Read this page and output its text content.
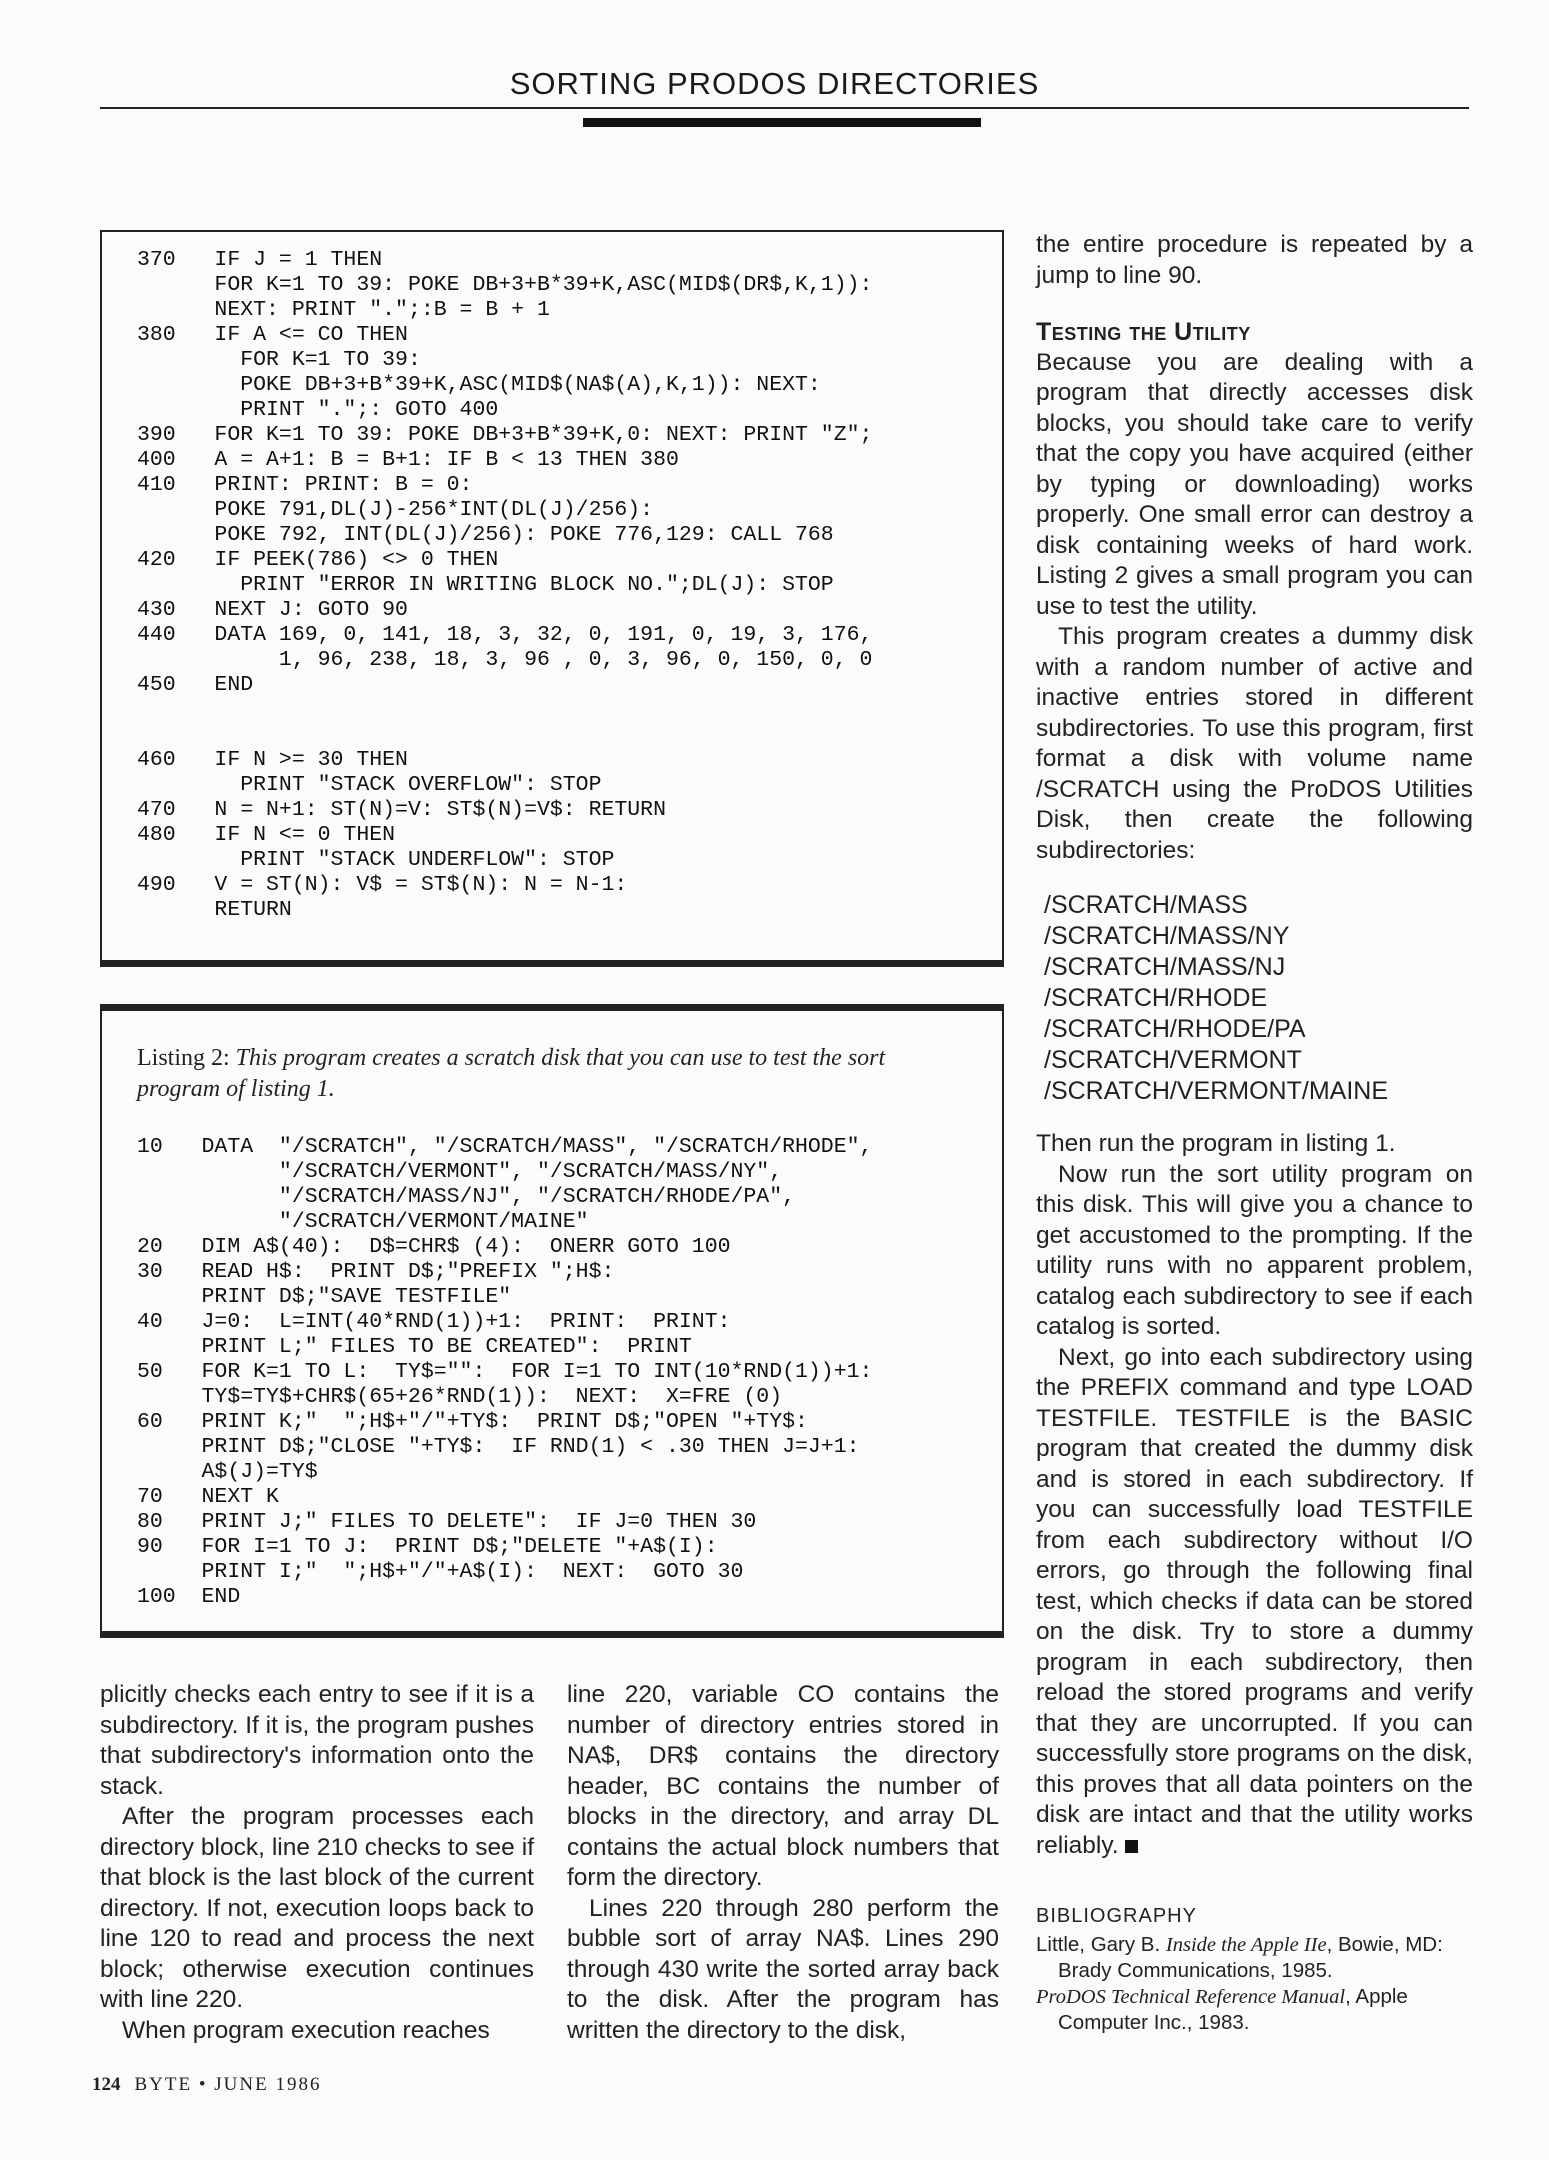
SORTING PRODOS DIRECTORIES
370   IF J = 1 THEN
FOR K=1 TO 39: POKE DB+3+B*39+K,ASC(MID$(DR$,K,1)):
NEXT: PRINT ".";:B = B + 1
380   IF A <= CO THEN
FOR K=1 TO 39:
POKE DB+3+B*39+K,ASC(MID$(NA$(A),K,1)): NEXT:
PRINT ".";: GOTO 400
390   FOR K=1 TO 39: POKE DB+3+B*39+K,0: NEXT: PRINT "Z";
400   A = A+1: B = B+1: IF B < 13 THEN 380
410   PRINT: PRINT: B = 0:
POKE 791,DL(J)-256*INT(DL(J)/256):
POKE 792, INT(DL(J)/256): POKE 776,129: CALL 768
420   IF PEEK(786) <> 0 THEN
PRINT "ERROR IN WRITING BLOCK NO.";DL(J): STOP
430   NEXT J: GOTO 90
440   DATA 169, 0, 141, 18, 3, 32, 0, 191, 0, 19, 3, 176,
1, 96, 238, 18, 3, 96 , 0, 3, 96, 0, 150, 0, 0
450   END

460   IF N >= 30 THEN
PRINT "STACK OVERFLOW": STOP
470   N = N+1: ST(N)=V: ST$(N)=V$: RETURN
480   IF N <= 0 THEN
PRINT "STACK UNDERFLOW": STOP
490   V = ST(N): V$ = ST$(N): N = N-1:
RETURN
Listing 2: This program creates a scratch disk that you can use to test the sort program of listing 1.
10   DATA  "/SCRATCH", "/SCRATCH/MASS", "/SCRATCH/RHODE",
"/SCRATCH/VERMONT", "/SCRATCH/MASS/NY",
"/SCRATCH/MASS/NJ", "/SCRATCH/RHODE/PA",
"/SCRATCH/VERMONT/MAINE"
20   DIM A$(40):  D$=CHR$ (4):  ONERR GOTO 100
30   READ H$:  PRINT D$;"PREFIX ";H$:
PRINT D$;"SAVE TESTFILE"
40   J=0:  L=INT(40*RND(1))+1:  PRINT:  PRINT:
PRINT L;" FILES TO BE CREATED":  PRINT
50   FOR K=1 TO L:  TY$="":  FOR I=1 TO INT(10*RND(1))+1:
TY$=TY$+CHR$(65+26*RND(1)):  NEXT:  X=FRE (0)
60   PRINT K;"  ";H$+"/"+TY$:  PRINT D$;"OPEN "+TY$:
PRINT D$;"CLOSE "+TY$:  IF RND(1) < .30 THEN J=J+1:
A$(J)=TY$
70   NEXT K
80   PRINT J;" FILES TO DELETE":  IF J=0 THEN 30
90   FOR I=1 TO J:  PRINT D$;"DELETE "+A$(I):
PRINT I;"  ";H$+"/"+A$(I):  NEXT:  GOTO 30
100  END

plicitly checks each entry to see if it is a subdirectory. If it is, the program pushes that subdirectory's information onto the stack.

After the program processes each directory block, line 210 checks to see if that block is the last block of the current directory. If not, execution loops back to line 120 to read and process the next block; otherwise execution continues with line 220.

When program execution reaches

line 220, variable CO contains the number of directory entries stored in NA$, DR$ contains the directory header, BC contains the number of blocks in the directory, and array DL contains the actual block numbers that form the directory.

Lines 220 through 280 perform the bubble sort of array NA$. Lines 290 through 430 write the sorted array back to the disk. After the program has written the directory to the disk,

the entire procedure is repeated by a jump to line 90.

Testing the Utility

Because you are dealing with a program that directly accesses disk blocks, you should take care to verify that the copy you have acquired (either by typing or downloading) works properly. One small error can destroy a disk containing weeks of hard work. Listing 2 gives a small program you can use to test the utility.

This program creates a dummy disk with a random number of active and inactive entries stored in different subdirectories. To use this program, first format a disk with volume name /SCRATCH using the ProDOS Utilities Disk, then create the following subdirectories:

/SCRATCH/MASS
/SCRATCH/MASS/NY
/SCRATCH/MASS/NJ
/SCRATCH/RHODE
/SCRATCH/RHODE/PA
/SCRATCH/VERMONT
/SCRATCH/VERMONT/MAINE

Then run the program in listing 1.

Now run the sort utility program on this disk. This will give you a chance to get accustomed to the prompting. If the utility runs with no apparent problem, catalog each subdirectory to see if each catalog is sorted.

Next, go into each subdirectory using the PREFIX command and type LOAD TESTFILE. TESTFILE is the BASIC program that created the dummy disk and is stored in each subdirectory. If you can successfully load TESTFILE from each subdirectory without I/O errors, go through the following final test, which checks if data can be stored on the disk. Try to store a dummy program in each subdirectory, then reload the stored programs and verify that they are uncorrupted. If you can successfully store programs on the disk, this proves that all data pointers on the disk are intact and that the utility works reliably.

BIBLIOGRAPHY
Little, Gary B. Inside the Apple IIe, Bowie, MD: Brady Communications, 1985.
ProDOS Technical Reference Manual, Apple Computer Inc., 1983.
124 BYTE • JUNE 1986
